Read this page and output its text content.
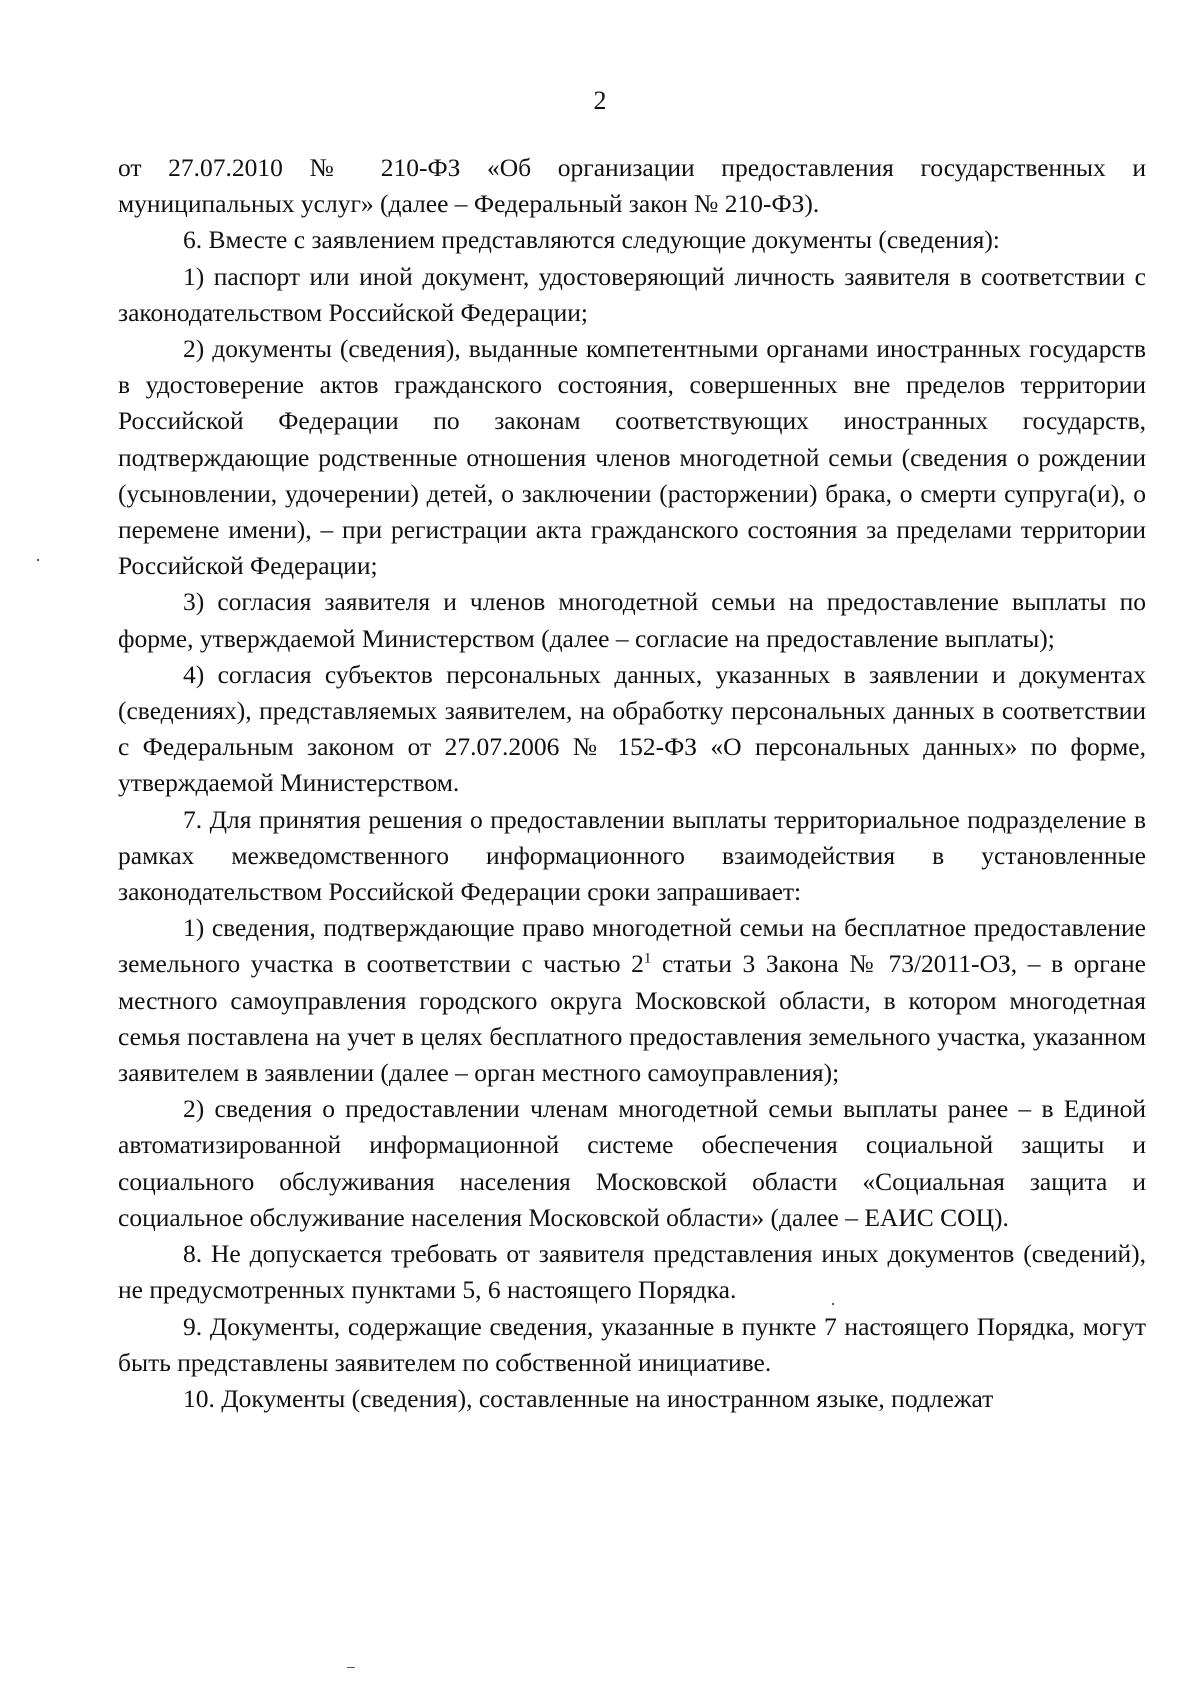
2

от 27.07.2010 № 210-ФЗ «Об организации предоставления государственных и муниципальных услуг» (далее – Федеральный закон № 210-ФЗ).

6. Вместе с заявлением представляются следующие документы (сведения):

1) паспорт или иной документ, удостоверяющий личность заявителя в соответствии с законодательством Российской Федерации;

2) документы (сведения), выданные компетентными органами иностранных государств в удостоверение актов гражданского состояния, совершенных вне пределов территории Российской Федерации по законам соответствующих иностранных государств, подтверждающие родственные отношения членов многодетной семьи (сведения о рождении (усыновлении, удочерении) детей, о заключении (расторжении) брака, о смерти супруга(и), о перемене имени), – при регистрации акта гражданского состояния за пределами территории Российской Федерации;

3) согласия заявителя и членов многодетной семьи на предоставление выплаты по форме, утверждаемой Министерством (далее – согласие на предоставление выплаты);

4) согласия субъектов персональных данных, указанных в заявлении и документах (сведениях), представляемых заявителем, на обработку персональных данных в соответствии с Федеральным законом от 27.07.2006 № 152-ФЗ «О персональных данных» по форме, утверждаемой Министерством.

7. Для принятия решения о предоставлении выплаты территориальное подразделение в рамках межведомственного информационного взаимодействия в установленные законодательством Российской Федерации сроки запрашивает:

1) сведения, подтверждающие право многодетной семьи на бесплатное предоставление земельного участка в соответствии с частью $2^1$ статьи 3 Закона № 73/2011-ОЗ, – в органе местного самоуправления городского округа Московской области, в котором многодетная семья поставлена на учет в целях бесплатного предоставления земельного участка, указанном заявителем в заявлении (далее – орган местного самоуправления);

2) сведения о предоставлении членам многодетной семьи выплаты ранее – в Единой автоматизированной информационной системе обеспечения социальной защиты и социального обслуживания населения Московской области «Социальная защита и социальное обслуживание населения Московской области» (далее – ЕАИС СОЦ).

8. Не допускается требовать от заявителя представления иных документов (сведений), не предусмотренных пунктами 5, 6 настоящего Порядка.

9. Документы, содержащие сведения, указанные в пункте 7 настоящего Порядка, могут быть представлены заявителем по собственной инициативе.

10. Документы (сведения), составленные на иностранном языке, подлежат
